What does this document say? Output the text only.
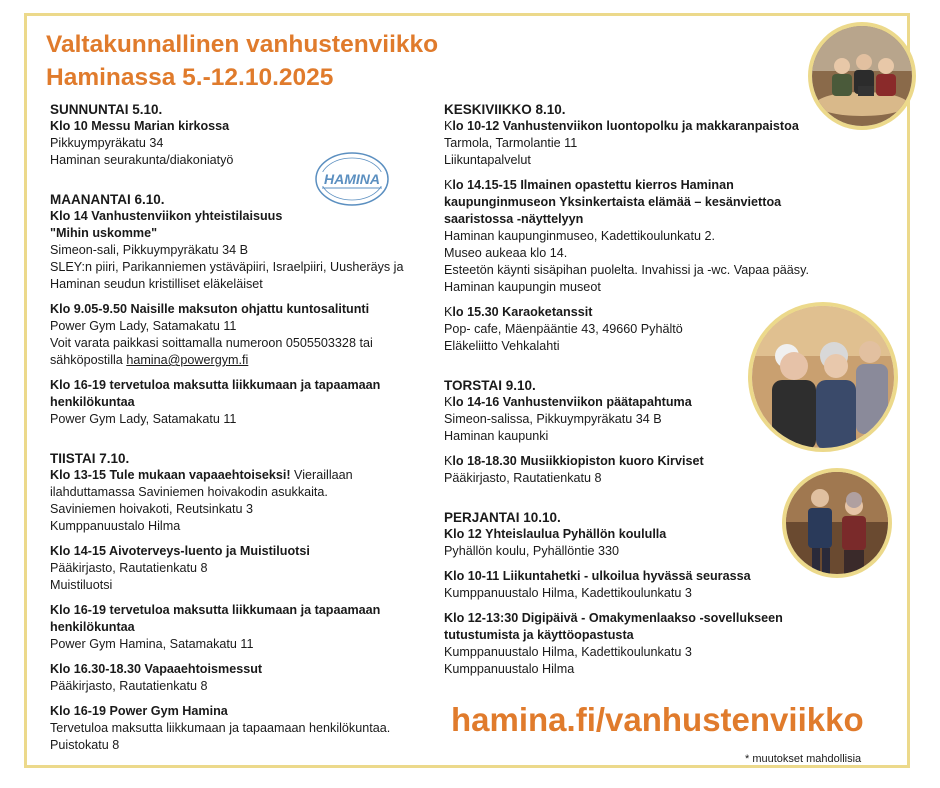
Valtakunnallinen vanhustenviikko
Haminassa 5.-12.10.2025
HAMINA

SUNNUNTAI 5.10.

Klo 10 Messu Marian kirkossa

Pikkuympyräkatu 34

Haminan seurakunta/diakoniatyö

MAANANTAI 6.10.

Klo 14 Vanhustenviikon yhteistilaisuus

"Mihin uskomme"

Simeon-sali, Pikkuympyräkatu 34 B

SLEY:n piiri, Parikanniemen ystäväpiiri, Israelpiiri, Uusheräys ja

Haminan seudun kristilliset eläkeläiset

Klo 9.05-9.50 Naisille maksuton ohjattu kuntosalitunti

Power Gym Lady, Satamakatu 11

Voit varata paikkasi soittamalla numeroon 0505503328 tai

sähköpostilla hamina@powergym.fi

Klo 16-19 tervetuloa maksutta liikkumaan ja tapaamaan

henkilökuntaa

Power Gym Lady, Satamakatu 11

TIISTAI 7.10.

Klo 13-15 Tule mukaan vapaaehtoiseksi! Vieraillaan

ilahduttamassa Saviniemen hoivakodin asukkaita.

Saviniemen hoivakoti, Reutsinkatu 3

Kumppanuustalo Hilma

Klo 14-15 Aivoterveys-luento ja Muistiluotsi

Pääkirjasto, Rautatienkatu 8

Muistiluotsi

Klo 16-19 tervetuloa maksutta liikkumaan ja tapaamaan

henkilökuntaa

Power Gym Hamina, Satamakatu 11

Klo 16.30-18.30 Vapaaehtoismessut

Pääkirjasto, Rautatienkatu 8

Klo 16-19 Power Gym Hamina

Tervetuloa maksutta liikkumaan ja tapaamaan henkilökuntaa.

Puistokatu 8

KESKIVIIKKO 8.10.

Klo 10-12 Vanhustenviikon luontopolku ja makkaranpaistoa

Tarmola, Tarmolantie 11

Liikuntapalvelut

Klo 14.15-15 Ilmainen opastettu kierros Haminan

kaupunginmuseon Yksinkertaista elämää – kesänviettoa

saaristossa -näyttelyyn

Haminan kaupunginmuseo, Kadettikoulunkatu 2.

Museo aukeaa klo 14.

Esteetön käynti sisäpihan puolelta. Invahissi ja -wc. Vapaa pääsy.

Haminan kaupungin museot

Klo 15.30 Karaoketanssit

Pop- cafe, Mäenpääntie 43, 49660 Pyhältö

Eläkeliitto Vehkalahti

TORSTAI 9.10.

Klo 14-16 Vanhustenviikon päätapahtuma

Simeon-salissa, Pikkuympyräkatu 34 B

Haminan kaupunki

Klo 18-18.30 Musiikkiopiston kuoro Kirviset

Pääkirjasto, Rautatienkatu 8

PERJANTAI 10.10.

Klo 12 Yhteislaulua Pyhällön koululla

Pyhällön koulu, Pyhällöntie 330

Klo 10-11 Liikuntahetki - ulkoilua hyvässä seurassa

Kumppanuustalo Hilma, Kadettikoulunkatu 3

Klo 12-13:30 Digipäivä - Omakymenlaakso -sovellukseen

tutustumista ja käyttöopastusta

Kumppanuustalo Hilma, Kadettikoulunkatu 3

Kumppanuustalo Hilma

hamina.fi/vanhustenviikko
* muutokset mahdollisia
